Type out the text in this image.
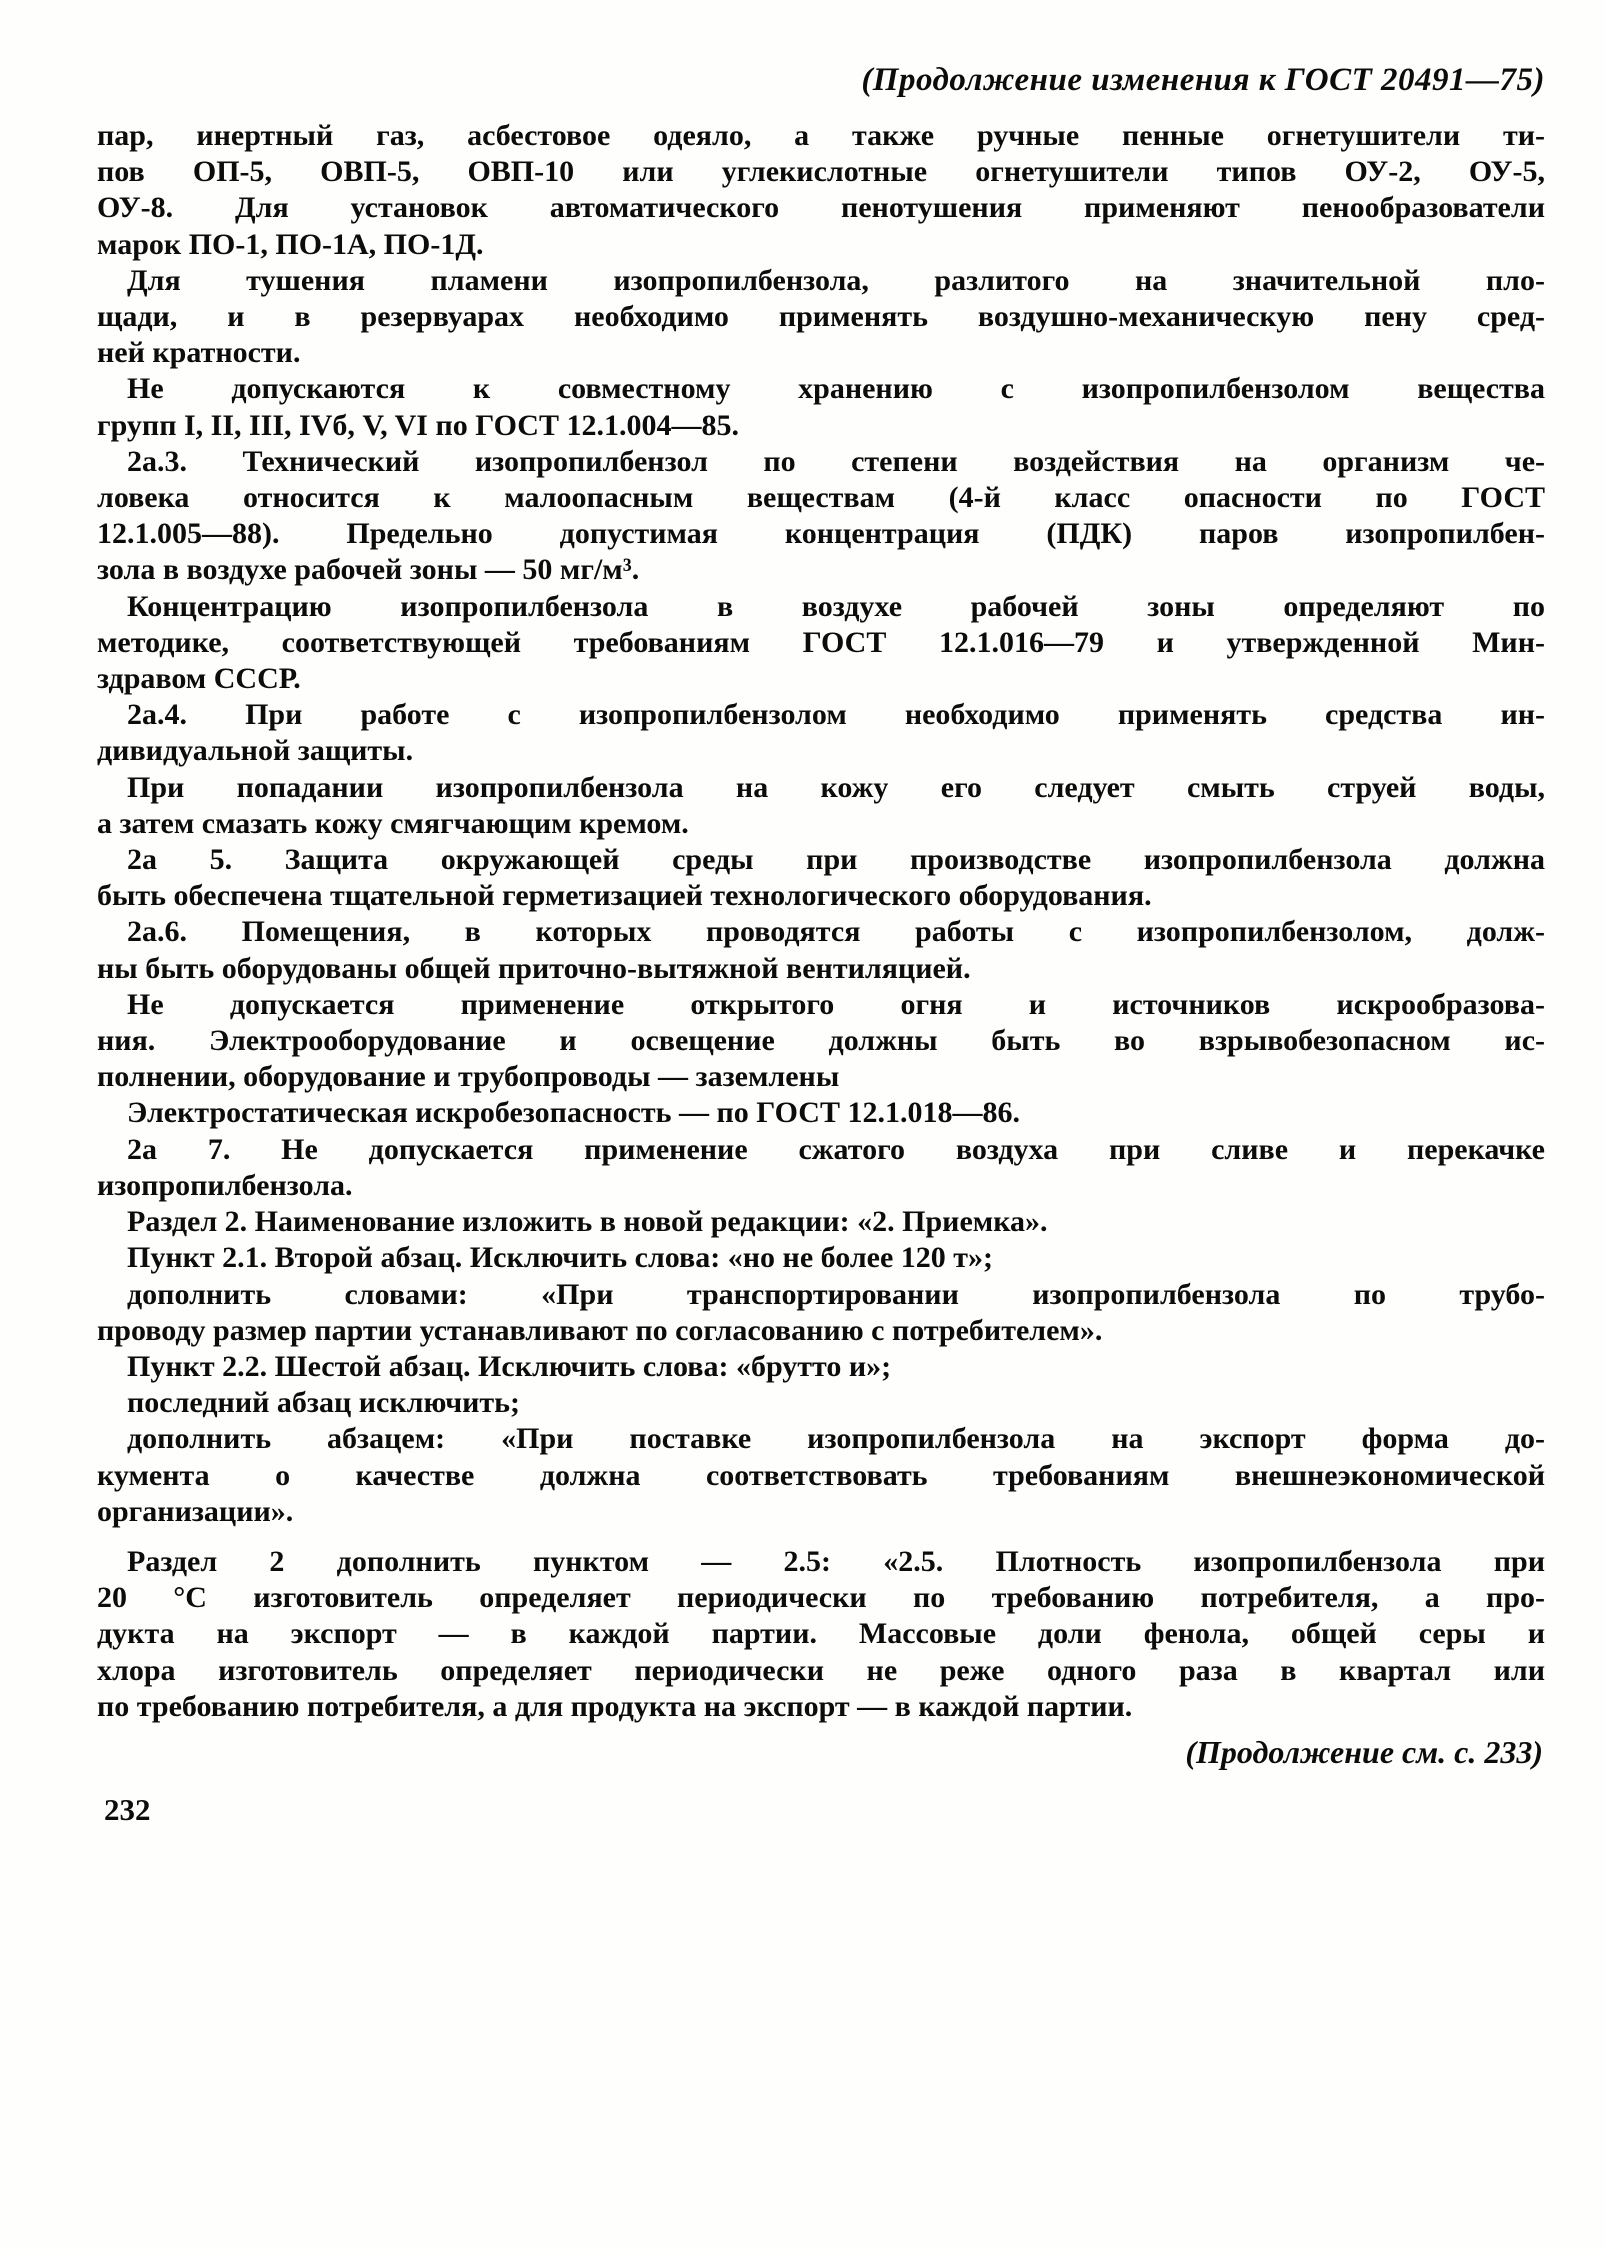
(Продолжение изменения к ГОСТ 20491—75)
пар, инертный газ, асбестовое одеяло, а также ручные пенные огнетушители ти-
пов ОП-5, ОВП-5, ОВП-10 или углекислотные огнетушители типов ОУ-2, ОУ-5,
ОУ-8. Для установок автоматического пенотушения применяют пенообразователи
марок ПО-1, ПО-1А, ПО-1Д.
Для тушения пламени изопропилбензола, разлитого на значительной пло-
щади, и в резервуарах необходимо применять воздушно-механическую пену сред-
ней кратности.
Не допускаются к совместному хранению с изопропилбензолом вещества
групп I, II, III, IVб, V, VI по ГОСТ 12.1.004—85.
2а.3. Технический изопропилбензол по степени воздействия на организм че-
ловека относится к малоопасным веществам (4-й класс опасности по ГОСТ
12.1.005—88). Предельно допустимая концентрация (ПДК) паров изопропилбен-
зола в воздухе рабочей зоны — 50 мг/м³.
Концентрацию изопропилбензола в воздухе рабочей зоны определяют по
методике, соответствующей требованиям ГОСТ 12.1.016—79 и утвержденной Мин-
здравом СССР.
2а.4. При работе с изопропилбензолом необходимо применять средства ин-
дивидуальной защиты.
При попадании изопропилбензола на кожу его следует смыть струей воды,
а затем смазать кожу смягчающим кремом.
2а 5. Защита окружающей среды при производстве изопропилбензола должна
быть обеспечена тщательной герметизацией технологического оборудования.
2а.6. Помещения, в которых проводятся работы с изопропилбензолом, долж-
ны быть оборудованы общей приточно-вытяжной вентиляцией.
Не допускается применение открытого огня и источников искрообразова-
ния. Электрооборудование и освещение должны быть во взрывобезопасном ис-
полнении, оборудование и трубопроводы — заземлены
Электростатическая искробезопасность — по ГОСТ 12.1.018—86.
2а 7. Не допускается применение сжатого воздуха при сливе и перекачке
изопропилбензола.
Раздел 2. Наименование изложить в новой редакции: «2. Приемка».
Пункт 2.1. Второй абзац. Исключить слова: «но не более 120 т»;
дополнить словами: «При транспортировании изопропилбензола по трубо-
проводу размер партии устанавливают по согласованию с потребителем».
Пункт 2.2. Шестой абзац. Исключить слова: «брутто и»;
последний абзац исключить;
дополнить абзацем: «При поставке изопропилбензола на экспорт форма до-
кумента о качестве должна соответствовать требованиям внешнеэкономической
организации».
Раздел 2 дополнить пунктом — 2.5: «2.5. Плотность изопропилбензола при
20 °С изготовитель определяет периодически по требованию потребителя, а про-
дукта на экспорт — в каждой партии. Массовые доли фенола, общей серы и
хлора изготовитель определяет периодически не реже одного раза в квартал или
по требованию потребителя, а для продукта на экспорт — в каждой партии.
(Продолжение см. с. 233)
232
